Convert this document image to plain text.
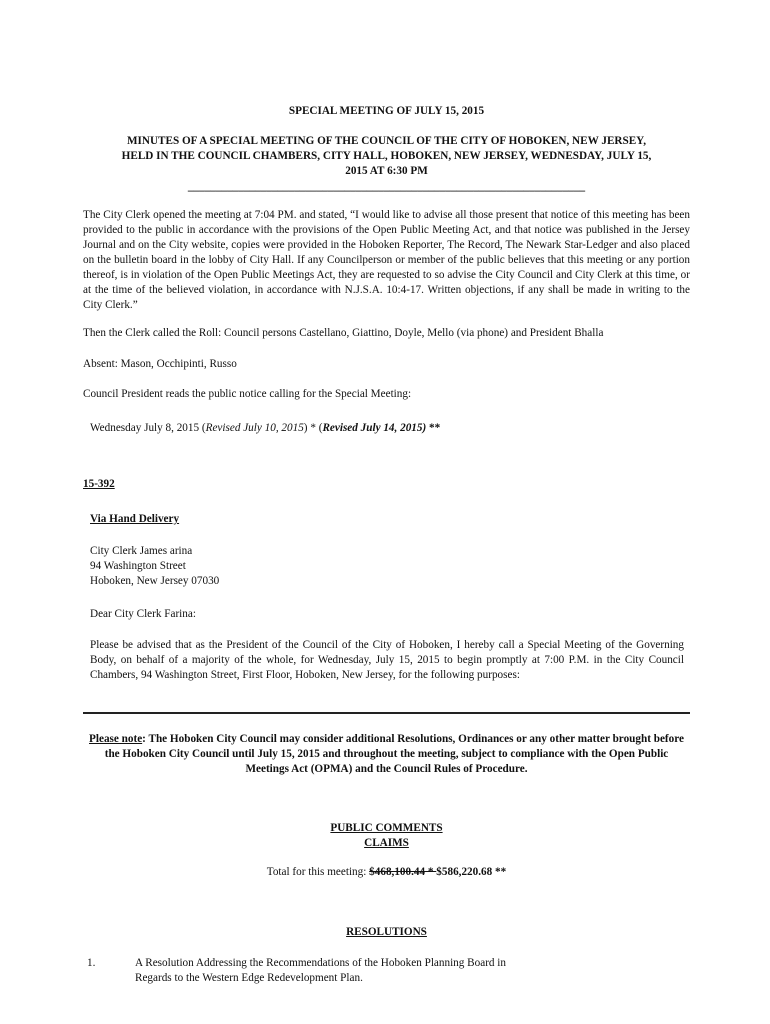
SPECIAL MEETING OF JULY 15, 2015
MINUTES OF A SPECIAL MEETING OF THE COUNCIL OF THE CITY OF HOBOKEN, NEW JERSEY,
HELD IN THE COUNCIL CHAMBERS, CITY HALL, HOBOKEN, NEW JERSEY, WEDNESDAY, JULY 15,
2015 AT 6:30 PM
_______________________________________________________________________
The City Clerk opened the meeting at 7:04 PM. and stated, “I would like to advise all those present that notice of this meeting has been provided to the public in accordance with the provisions of the Open Public Meeting Act, and that notice was published in the Jersey Journal and on the City website, copies were provided in the Hoboken Reporter, The Record, The Newark Star-Ledger and also placed on the bulletin board in the lobby of City Hall. If any Councilperson or member of the public believes that this meeting or any portion thereof, is in violation of the Open Public Meetings Act, they are requested to so advise the City Council and City Clerk at this time, or at the time of the believed violation, in accordance with N.J.S.A. 10:4-17. Written objections, if any shall be made in writing to the City Clerk.”
Then the Clerk called the Roll: Council persons Castellano, Giattino, Doyle, Mello (via phone) and President Bhalla
Absent: Mason, Occhipinti, Russo
Council President reads the public notice calling for the Special Meeting:
Wednesday July 8, 2015 (Revised July 10, 2015) * (Revised July 14, 2015) **
15-392
Via Hand Delivery
City Clerk James arina
94 Washington Street
Hoboken, New Jersey 07030
Dear City Clerk Farina:
Please be advised that as the President of the Council of the City of Hoboken, I hereby call a Special Meeting of the Governing Body, on behalf of a majority of the whole, for Wednesday, July 15, 2015 to begin promptly at 7:00 P.M. in the City Council Chambers, 94 Washington Street, First Floor, Hoboken, New Jersey, for the following purposes:
Please note: The Hoboken City Council may consider additional Resolutions, Ordinances or any other matter brought before the Hoboken City Council until July 15, 2015 and throughout the meeting, subject to compliance with the Open Public Meetings Act (OPMA) and the Council Rules of Procedure.
PUBLIC COMMENTS
CLAIMS
Total for this meeting: $468,100.44 * $586,220.68 **
RESOLUTIONS
1.	A Resolution Addressing the Recommendations of the Hoboken Planning Board in
Regards to the Western Edge Redevelopment Plan.
